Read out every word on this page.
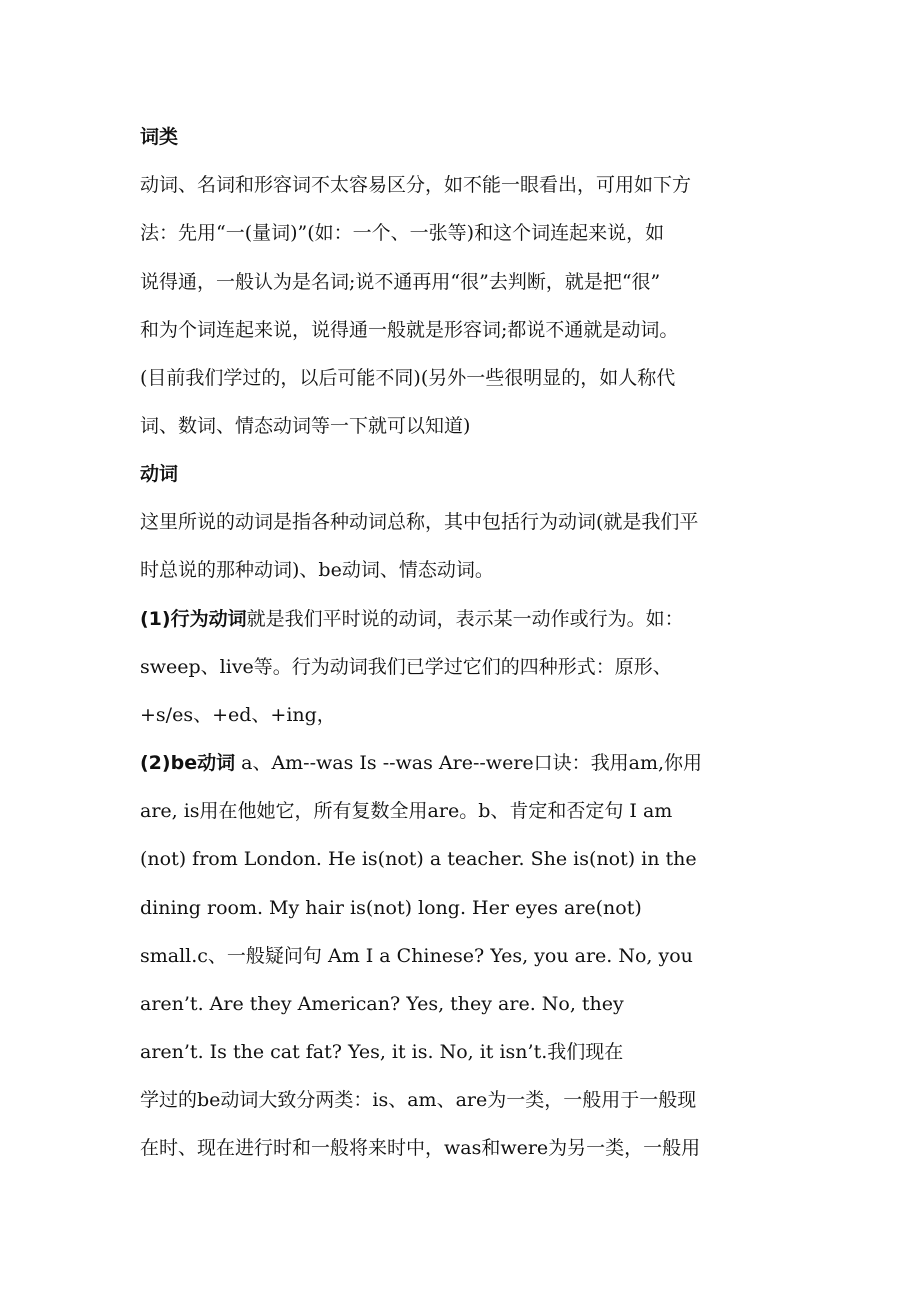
词类
动词、名词和形容词不太容易区分，如不能一眼看出，可用如下方
法：先用“一(量词)”(如：一个、一张等)和这个词连起来说，如
说得通，一般认为是名词;说不通再用“很”去判断，就是把“很”
和为个词连起来说，说得通一般就是形容词;都说不通就是动词。
(目前我们学过的，以后可能不同)(另外一些很明显的，如人称代
词、数词、情态动词等一下就可以知道)
动词
这里所说的动词是指各种动词总称，其中包括行为动词(就是我们平
时总说的那种动词)、be动词、情态动词。
(1)行为动词就是我们平时说的动词，表示某一动作或行为。如：
sweep、live等。行为动词我们已学过它们的四种形式：原形、
+s/es、+ed、+ing，
(2)be动词 a、Am--was Is --was Are--were口诀：我用am,你用
are, is用在他她它，所有复数全用are。b、肯定和否定句 I am
(not) from London. He is(not) a teacher. She is(not) in the
dining room. My hair is(not) long. Her eyes are(not)
small.c、一般疑问句 Am I a Chinese? Yes, you are. No, you
aren’t. Are they American? Yes, they are. No, they
aren’t. Is the cat fat? Yes, it is. No, it isn’t.我们现在
学过的be动词大致分两类：is、am、are为一类，一般用于一般现
在时、现在进行时和一般将来时中，was和were为另一类，一般用
